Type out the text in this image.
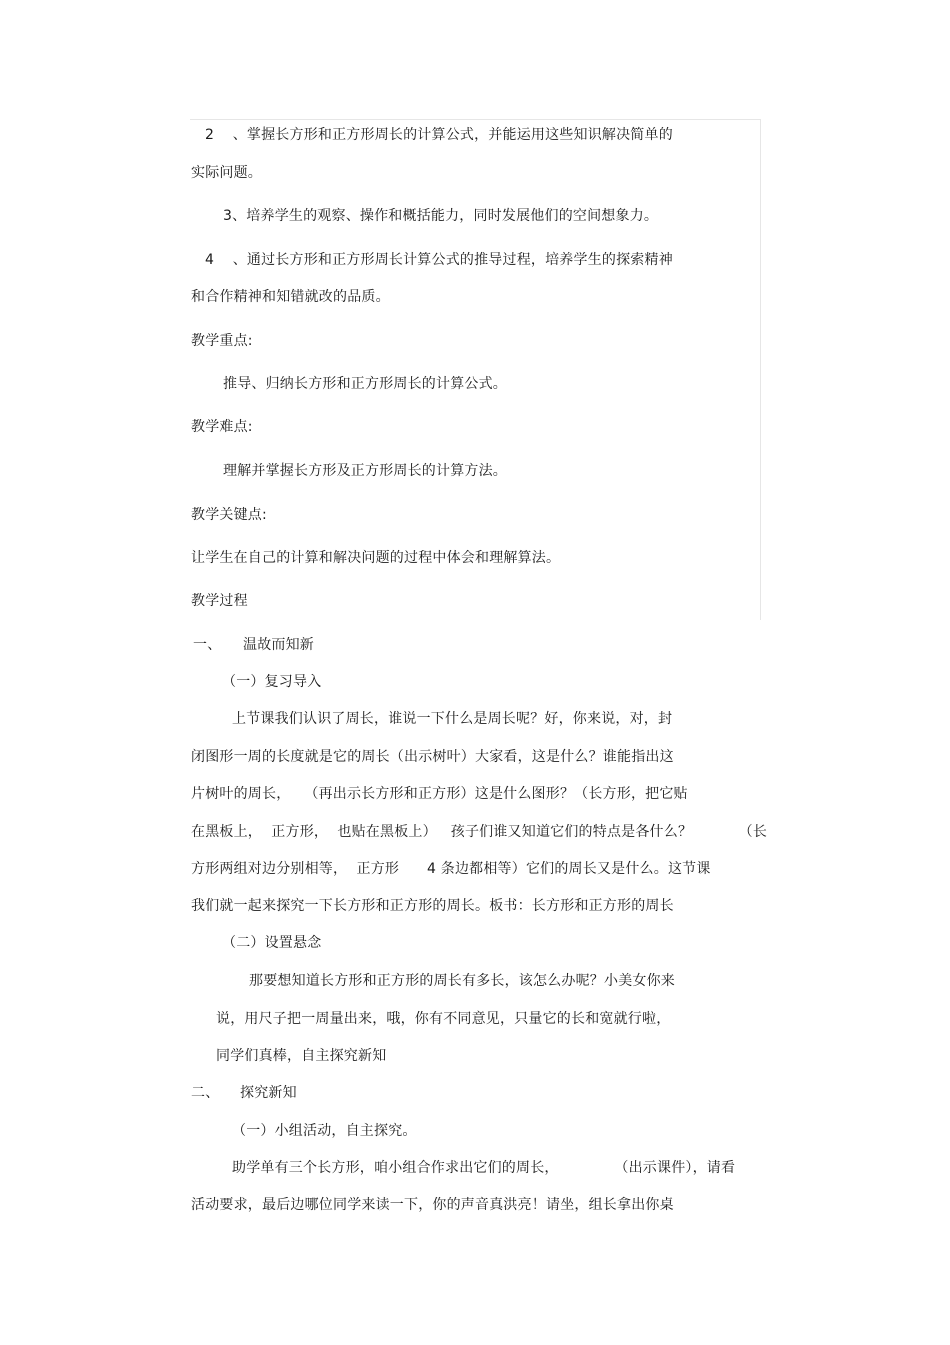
2    、掌握长方形和正方形周长的计算公式，并能运用这些知识解决简单的
实际问题。
3、培养学生的观察、操作和概括能力，同时发展他们的空间想象力。
4    、通过长方形和正方形周长计算公式的推导过程，培养学生的探索精神
和合作精神和知错就改的品质。
教学重点:
推导、归纳长方形和正方形周长的计算公式。
教学难点:
理解并掌握长方形及正方形周长的计算方法。
教学关键点:
让学生在自己的计算和解决问题的过程中体会和理解算法。
教学过程
一、 温故而知新
（一）复习导入
上节课我们认识了周长，谁说一下什么是周长呢？好，你来说，对，封
闭图形一周的长度就是它的周长（出示树叶）大家看，这是什么？谁能指出这
片树叶的周长，   （再出示长方形和正方形）这是什么图形？（长方形，把它贴
在黑板上，  正方形，  也贴在黑板上）   孩子们谁又知道它们的特点是各什么？          （长
方形两组对边分别相等，  正方形      4 条边都相等）它们的周长又是什么。这节课
我们就一起来探究一下长方形和正方形的周长。板书：长方形和正方形的周长
（二）设置悬念
那要想知道长方形和正方形的周长有多长，该怎么办呢？小美女你来
说，用尺子把一周量出来，哦，你有不同意见，只量它的长和宽就行啦，
同学们真棒，自主探究新知
二、 探究新知
（一）小组活动，自主探究。
助学单有三个长方形，咱小组合作求出它们的周长，            （出示课件），请看
活动要求，最后边哪位同学来读一下，你的声音真洪亮！请坐，组长拿出你桌
